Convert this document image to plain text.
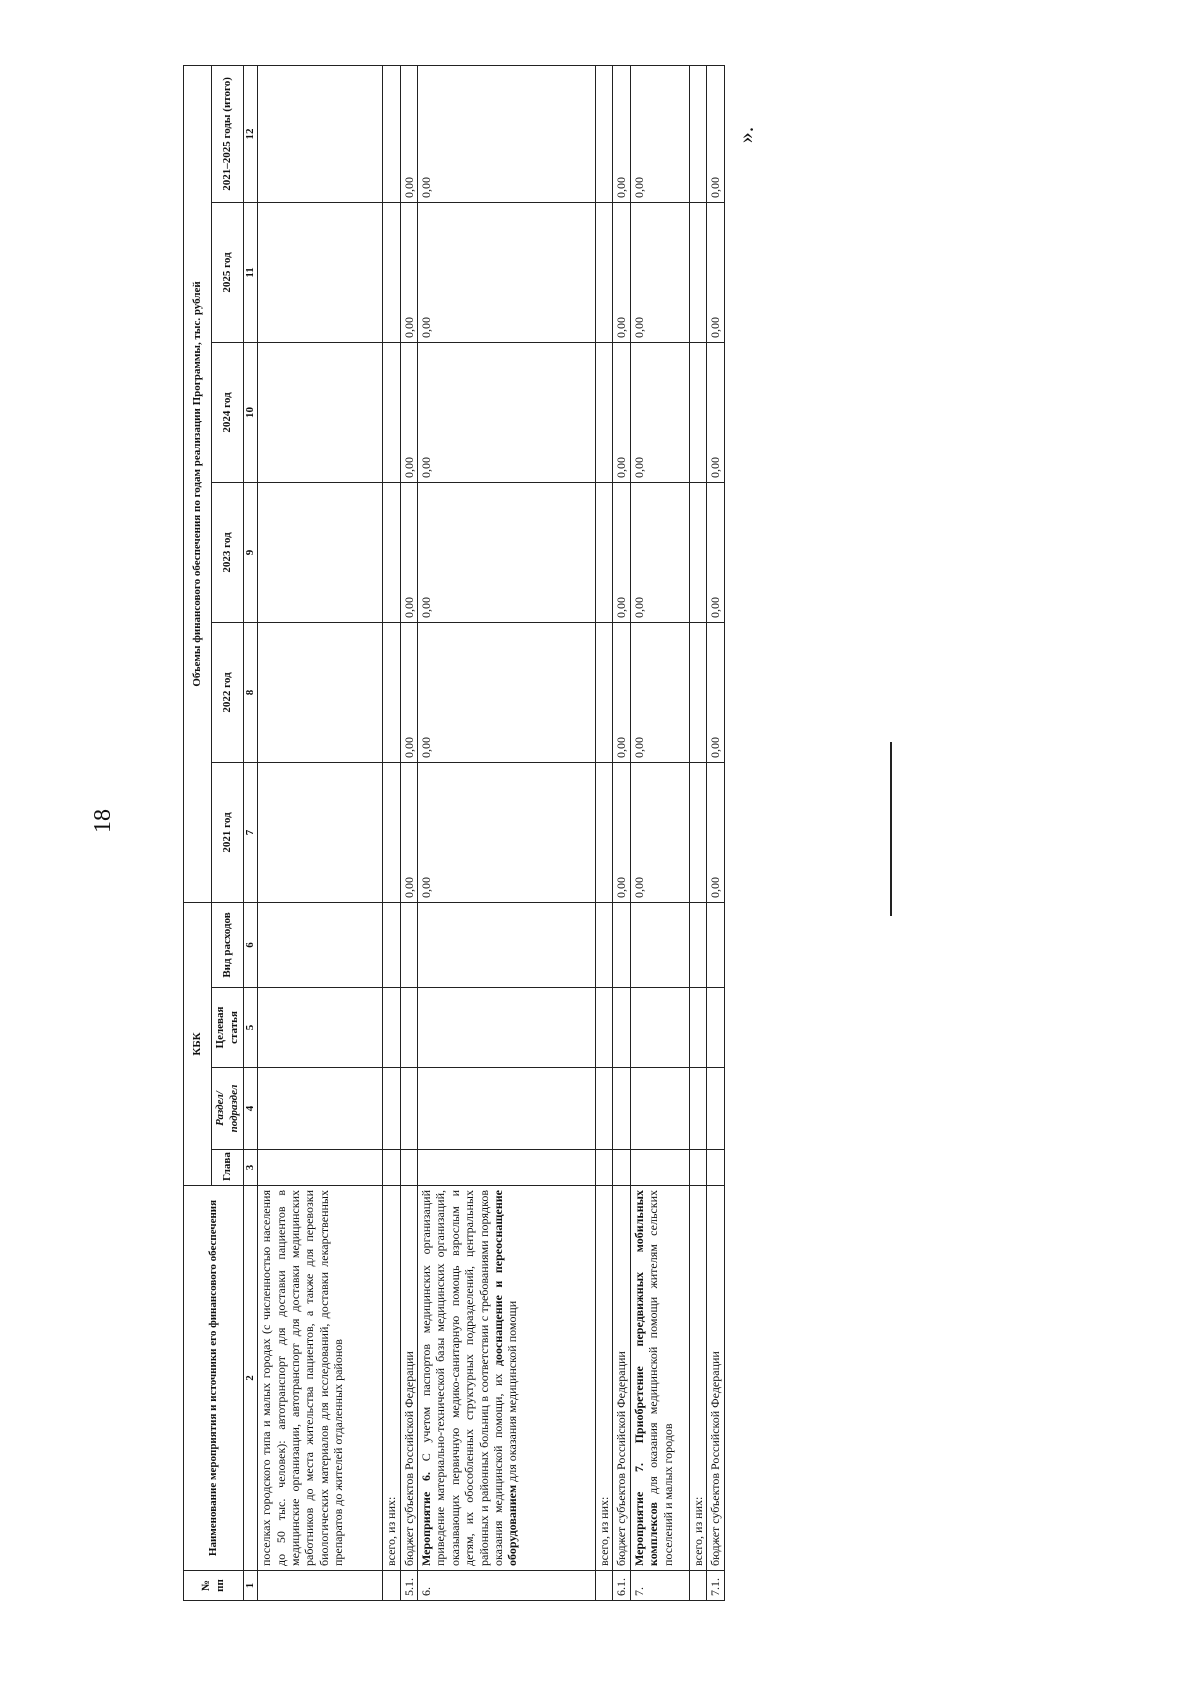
18
».
№ пп	Наименование мероприятия и источники его финансового обеспечения	КБК				Объемы финансового обеспечения по годам реализации Программы, тыс. рублей					
		Глава	Раздел/ подраздел	Целевая статья	Вид расходов	2021 год	2022 год	2023 год	2024 год	2025 год	2021–2025 годы (итого)
1	2	3	4	5	6	7	8	9	10	11	12
	поселках городского типа и малых городах (с численностью населения до 50 тыс. человек): автотранспорт для доставки пациентов в медицинские организации, автотранспорт для доставки медицинских работников до места жительства пациентов, а также для перевозки биологических материалов для исследований, доставки лекарственных препаратов до жителей отдаленных районов										
	всего, из них:										
5.1.	бюджет субъектов Российской Федерации					0,00	0,00	0,00	0,00	0,00	0,00
6.	Мероприятие 6. С учетом паспортов медицинских организаций приведение материально-технической базы медицинских организаций, оказывающих первичную медико-санитарную помощь взрослым и детям, их обособленных структурных подразделений, центральных районных и районных больниц в соответствии с требованиями порядков оказания медицинской помощи, их дооснащение и переоснащение оборудованием для оказания медицинской помощи					0,00	0,00	0,00	0,00	0,00	0,00
	всего, из них:										
6.1.	бюджет субъектов Российской Федерации					0,00	0,00	0,00	0,00	0,00	0,00
7.	Мероприятие 7. Приобретение передвижных мобильных комплексов для оказания медицинской помощи жителям сельских поселений и малых городов					0,00	0,00	0,00	0,00	0,00	0,00
	всего, из них:										
7.1.	бюджет субъектов Российской Федерации					0,00	0,00	0,00	0,00	0,00	0,00
